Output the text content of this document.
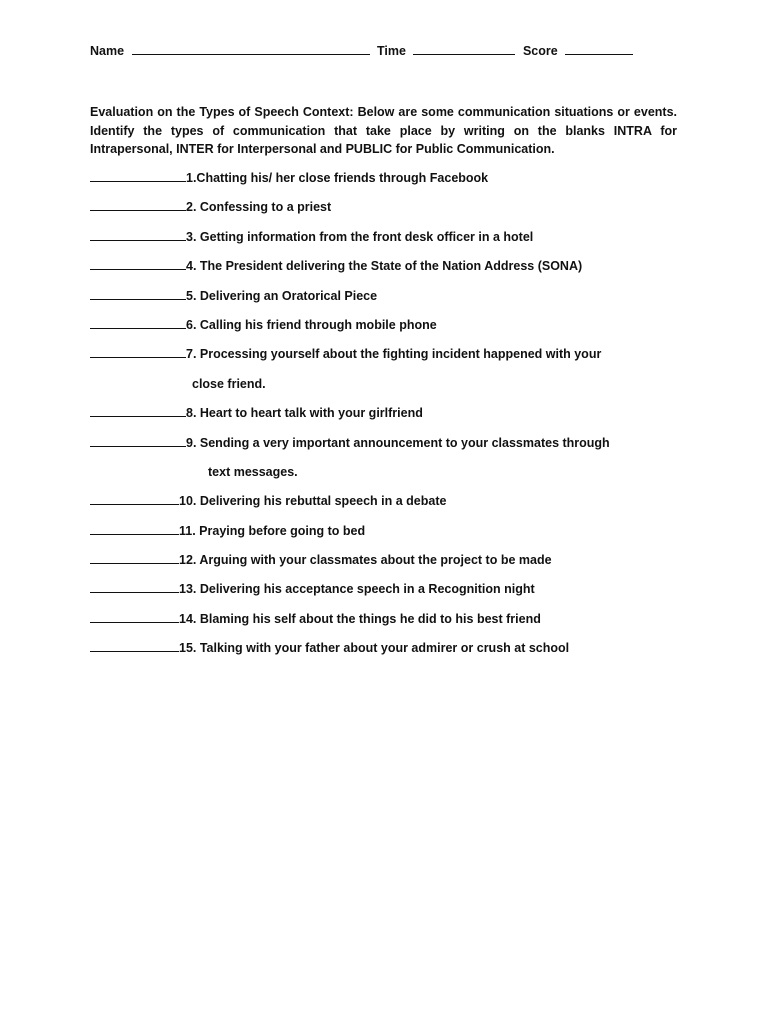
Name	Time	Score
Evaluation on the Types of Speech Context: Below are some communication situations or events. Identify the types of communication that take place by writing on the blanks INTRA for Intrapersonal, INTER for Interpersonal and PUBLIC for Public Communication.
1.Chatting his/ her close friends through Facebook
2. Confessing to a priest
3. Getting information from the front desk officer in a hotel
4. The President delivering the State of the Nation Address (SONA)
5. Delivering an Oratorical Piece
6. Calling his friend through mobile phone
7. Processing yourself about the fighting incident happened with your
close friend.
8. Heart to heart talk with your girlfriend
9. Sending a very important announcement to your classmates through
text messages.
10. Delivering his rebuttal speech in a debate
11. Praying before going to bed
12. Arguing with your classmates about the project to be made
13. Delivering his acceptance speech in a Recognition night
14. Blaming his self about the things he did to his best friend
15. Talking with your father about your admirer or crush at school
